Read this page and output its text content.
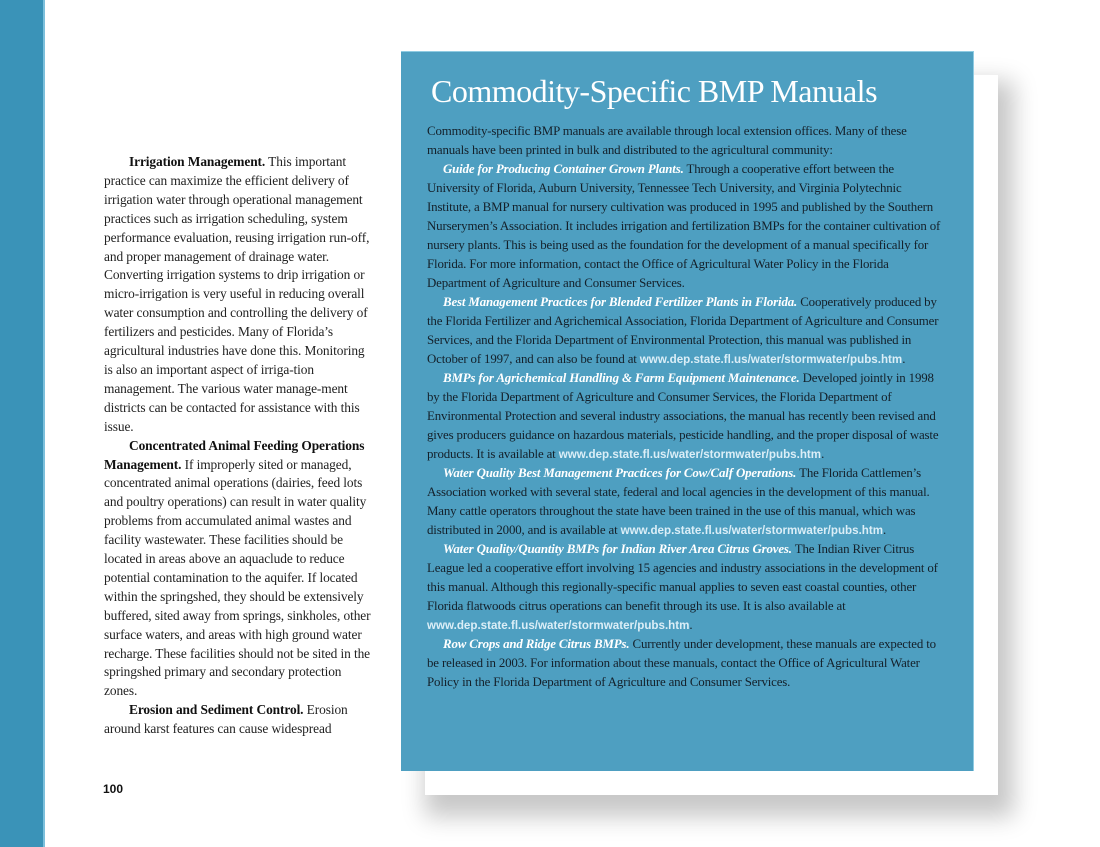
Irrigation Management. This important practice can maximize the efficient delivery of irrigation water through operational management practices such as irrigation scheduling, system performance evaluation, reusing irrigation run-off, and proper management of drainage water. Converting irrigation systems to drip irrigation or micro-irrigation is very useful in reducing overall water consumption and controlling the delivery of fertilizers and pesticides. Many of Florida’s agricultural industries have done this. Monitoring is also an important aspect of irriga-tion management. The various water manage-ment districts can be contacted for assistance with this issue.

Concentrated Animal Feeding Operations Management. If improperly sited or managed, concentrated animal operations (dairies, feed lots and poultry operations) can result in water quality problems from accumulated animal wastes and facility wastewater. These facilities should be located in areas above an aquaclude to reduce potential contamination to the aquifer. If located within the springshed, they should be extensively buffered, sited away from springs, sinkholes, other surface waters, and areas with high ground water recharge. These facilities should not be sited in the springshed primary and secondary protection zones.

Erosion and Sediment Control. Erosion around karst features can cause widespread

100
Commodity-Specific BMP Manuals

Commodity-specific BMP manuals are available through local extension offices. Many of these manuals have been printed in bulk and distributed to the agricultural community:

Guide for Producing Container Grown Plants. Through a cooperative effort between the University of Florida, Auburn University, Tennessee Tech University, and Virginia Polytechnic Institute, a BMP manual for nursery cultivation was produced in 1995 and published by the Southern Nurserymen’s Association. It includes irrigation and fertilization BMPs for the container cultivation of nursery plants. This is being used as the foundation for the development of a manual specifically for Florida. For more information, contact the Office of Agricultural Water Policy in the Florida Department of Agriculture and Consumer Services.

Best Management Practices for Blended Fertilizer Plants in Florida. Cooperatively produced by the Florida Fertilizer and Agrichemical Association, Florida Department of Agriculture and Consumer Services, and the Florida Department of Environmental Protection, this manual was published in October of 1997, and can also be found at www.dep.state.fl.us/water/stormwater/pubs.htm.

BMPs for Agrichemical Handling & Farm Equipment Maintenance. Developed jointly in 1998 by the Florida Department of Agriculture and Consumer Services, the Florida Department of Environmental Protection and several industry associations, the manual has recently been revised and gives producers guidance on hazardous materials, pesticide handling, and the proper disposal of waste products. It is available at www.dep.state.fl.us/water/stormwater/pubs.htm.

Water Quality Best Management Practices for Cow/Calf Operations. The Florida Cattlemen’s Association worked with several state, federal and local agencies in the development of this manual. Many cattle operators throughout the state have been trained in the use of this manual, which was distributed in 2000, and is available at www.dep.state.fl.us/water/stormwater/pubs.htm.

Water Quality/Quantity BMPs for Indian River Area Citrus Groves. The Indian River Citrus League led a cooperative effort involving 15 agencies and industry associations in the development of this manual. Although this regionally-specific manual applies to seven east coastal counties, other Florida flatwoods citrus operations can benefit through its use. It is also available at www.dep.state.fl.us/water/stormwater/pubs.htm.

Row Crops and Ridge Citrus BMPs. Currently under development, these manuals are expected to be released in 2003. For information about these manuals, contact the Office of Agricultural Water Policy in the Florida Department of Agriculture and Consumer Services.
